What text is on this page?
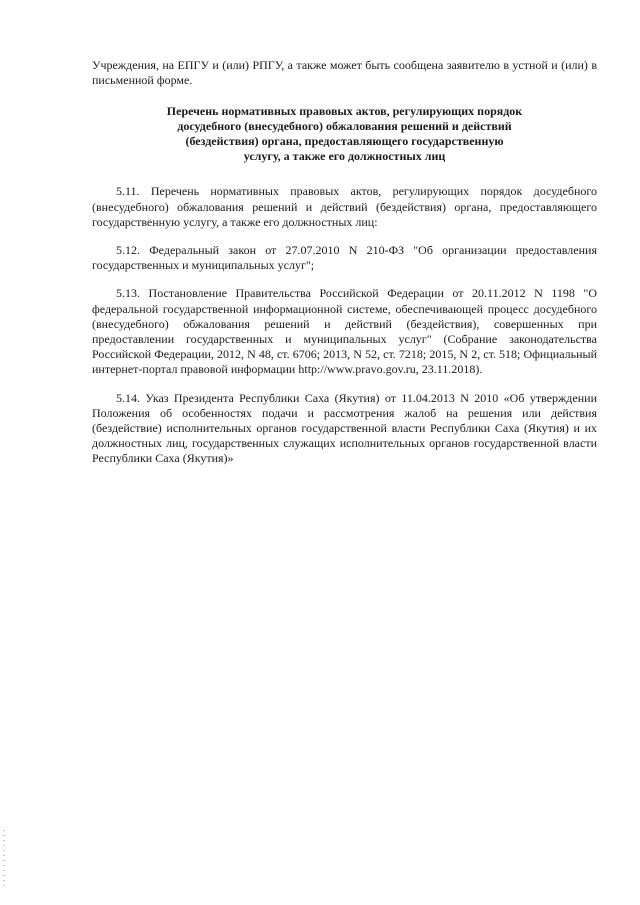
Учреждения, на ЕПГУ и (или) РПГУ, а также может быть сообщена заявителю в устной и (или) в письменной форме.

Перечень нормативных правовых актов, регулирующих порядок
досудебного (внесудебного) обжалования решений и действий
(бездействия) органа, предоставляющего государственную
услугу, а также его должностных лиц

5.11. Перечень нормативных правовых актов, регулирующих порядок досудебного (внесудебного) обжалования решений и действий (бездействия) органа, предоставляющего государственную услугу, а также его должностных лиц:

5.12. Федеральный закон от 27.07.2010 N 210-ФЗ "Об организации предоставления государственных и муниципальных услуг";

5.13. Постановление Правительства Российской Федерации от 20.11.2012 N 1198 "О федеральной государственной информационной системе, обеспечивающей процесс досудебного (внесудебного) обжалования решений и действий (бездействия), совершенных при предоставлении государственных и муниципальных услуг" (Собрание законодательства Российской Федерации, 2012, N 48, ст. 6706; 2013, N 52, ст. 7218; 2015, N 2, ст. 518; Официальный интернет-портал правовой информации http://www.pravo.gov.ru, 23.11.2018).

5.14. Указ Президента Республики Саха (Якутия) от 11.04.2013 N 2010 «Об утверждении Положения об особенностях подачи и рассмотрения жалоб на решения или действия (бездействие) исполнительных органов государственной власти Республики Саха (Якутия) и их должностных лиц, государственных служащих исполнительных органов государственной власти Республики Саха (Якутия)»
